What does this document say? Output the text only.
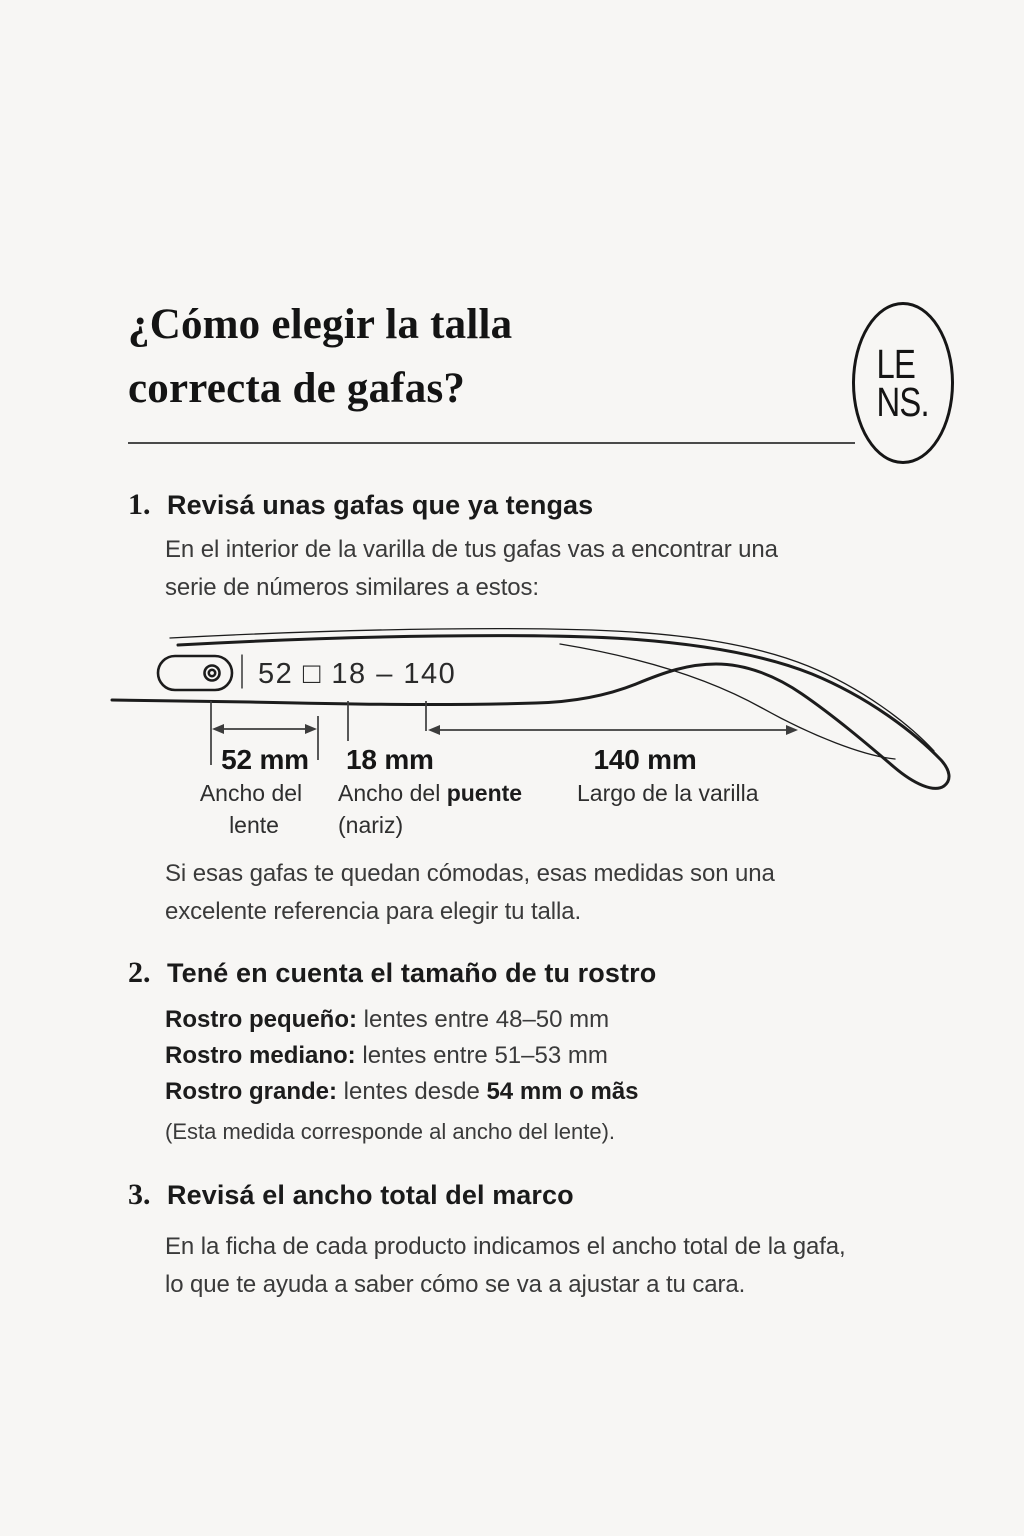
¿Cómo elegir la talla
correcta de gafas?
LE
NS.
1. Revisá unas gafas que ya tengas

En el interior de la varilla de tus gafas vas a encontrar una
serie de números similares a estos:

52 □ 18 – 140
52 mm
Ancho del
lente
18 mm
Ancho del puente
(nariz)
140 mm
Largo de la varilla

Si esas gafas te quedan cómodas, esas medidas son una
excelente referencia para elegir tu talla.

2. Tené en cuenta el tamaño de tu rostro
Rostro pequeño: lentes entre 48–50 mm
Rostro mediano: lentes entre 51–53 mm
Rostro grande: lentes desde 54 mm o mãs

(Esta medida corresponde al ancho del lente).

3. Revisá el ancho total del marco

En la ficha de cada producto indicamos el ancho total de la gafa,
lo que te ayuda a saber cómo se va a ajustar a tu cara.
